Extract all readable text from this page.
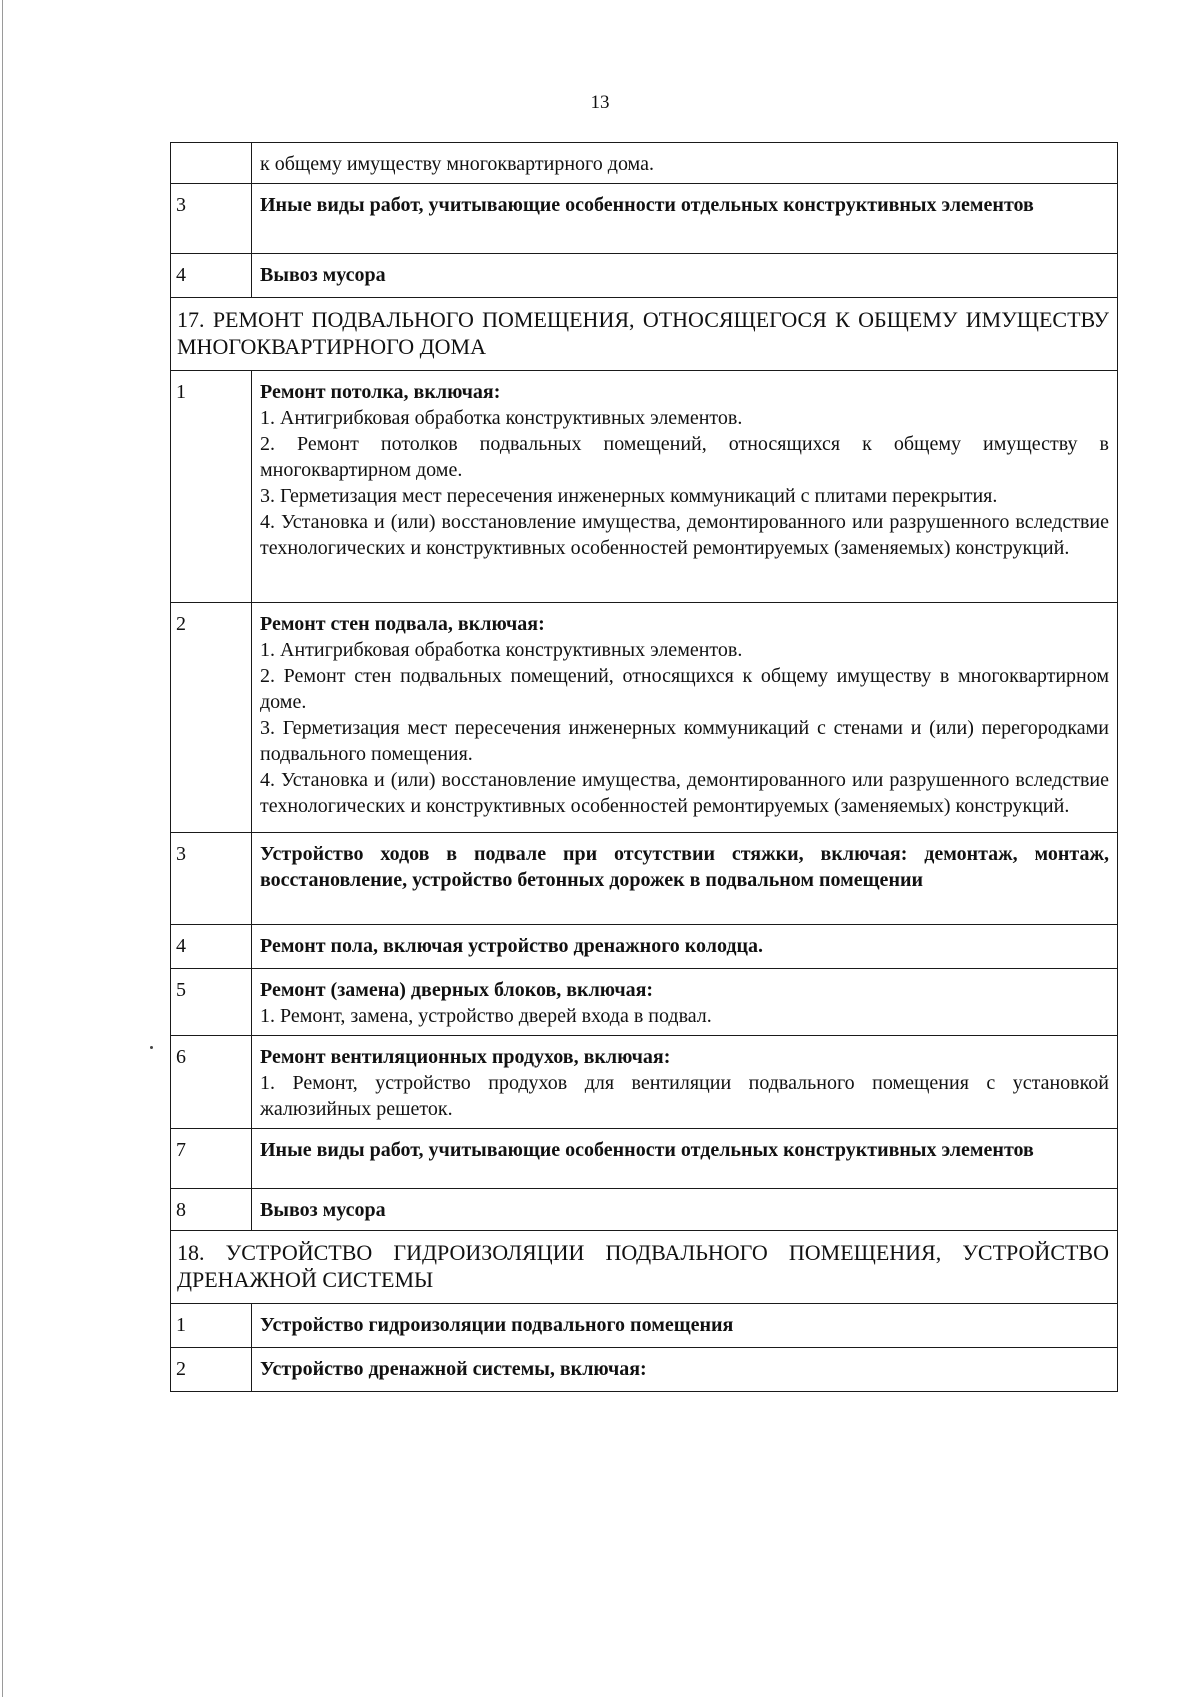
13

	к общему имуществу многоквартирного дома.

3	Иные виды работ, учитывающие особенности отдельных конструктивных элементов

4	Вывоз мусора

17. РЕМОНТ ПОДВАЛЬНОГО ПОМЕЩЕНИЯ, ОТНОСЯЩЕГОСЯ К ОБЩЕМУ ИМУЩЕСТВУ МНОГОКВАРТИРНОГО ДОМА	
1	Ремонт потолка, включая:
1. Антигрибковая обработка конструктивных элементов.
2. Ремонт потолков подвальных помещений, относящихся к общему имуществу в многоквартирном доме.
3. Герметизация мест пересечения инженерных коммуникаций с плитами перекрытия.
4. Установка и (или) восстановление имущества, демонтированного или разрушенного вследствие технологических и конструктивных особенностей ремонтируемых (заменяемых) конструкций.

2	Ремонт стен подвала, включая:
1. Антигрибковая обработка конструктивных элементов.
2. Ремонт стен подвальных помещений, относящихся к общему имуществу в многоквартирном доме.
3. Герметизация мест пересечения инженерных коммуникаций с стенами и (или) перегородками подвального помещения.
4. Установка и (или) восстановление имущества, демонтированного или разрушенного вследствие технологических и конструктивных особенностей ремонтируемых (заменяемых) конструкций.

3	Устройство ходов в подвале при отсутствии стяжки, включая: демонтаж, монтаж, восстановление, устройство бетонных дорожек в подвальном помещении

4	Ремонт пола, включая устройство дренажного колодца.

5	Ремонт (замена) дверных блоков, включая:
1. Ремонт, замена, устройство дверей входа в подвал.

6	Ремонт вентиляционных продухов, включая:
1. Ремонт, устройство продухов для вентиляции подвального помещения с установкой жалюзийных решеток.

7	Иные виды работ, учитывающие особенности отдельных конструктивных элементов

8	Вывоз мусора

18. УСТРОЙСТВО ГИДРОИЗОЛЯЦИИ ПОДВАЛЬНОГО ПОМЕЩЕНИЯ, УСТРОЙСТВО ДРЕНАЖНОЙ СИСТЕМЫ	
1	Устройство гидроизоляции подвального помещения

2	Устройство дренажной системы, включая:
